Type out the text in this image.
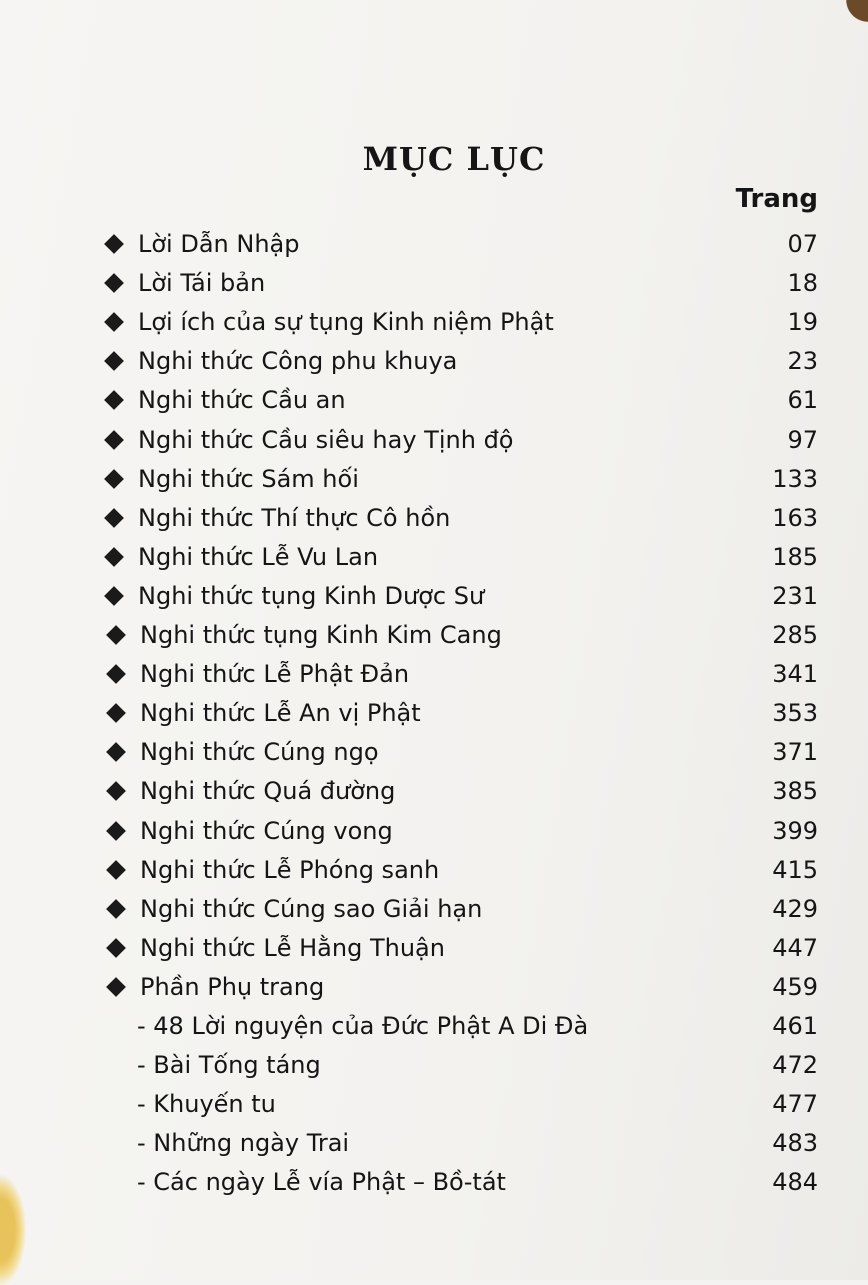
MỤC LỤC
Trang
Lời Dẫn Nhập	07
Lời Tái bản	18
Lợi ích của sự tụng Kinh niệm Phật	19
Nghi thức Công phu khuya	23
Nghi thức Cầu an	61
Nghi thức Cầu siêu hay Tịnh độ	97
Nghi thức Sám hối	133
Nghi thức Thí thực Cô hồn	163
Nghi thức Lễ Vu Lan	185
Nghi thức tụng Kinh Dược Sư	231
Nghi thức tụng Kinh Kim Cang	285
Nghi thức Lễ Phật Đản	341
Nghi thức Lễ An vị Phật	353
Nghi thức Cúng ngọ	371
Nghi thức Quá đường	385
Nghi thức Cúng vong	399
Nghi thức Lễ Phóng sanh	415
Nghi thức Cúng sao Giải hạn	429
Nghi thức Lễ Hằng Thuận	447
Phần Phụ trang	459
- 48 Lời nguyện của Đức Phật A Di Đà	461
- Bài Tống táng	472
- Khuyến tu	477
- Những ngày Trai	483
- Các ngày Lễ vía Phật – Bồ-tát	484
